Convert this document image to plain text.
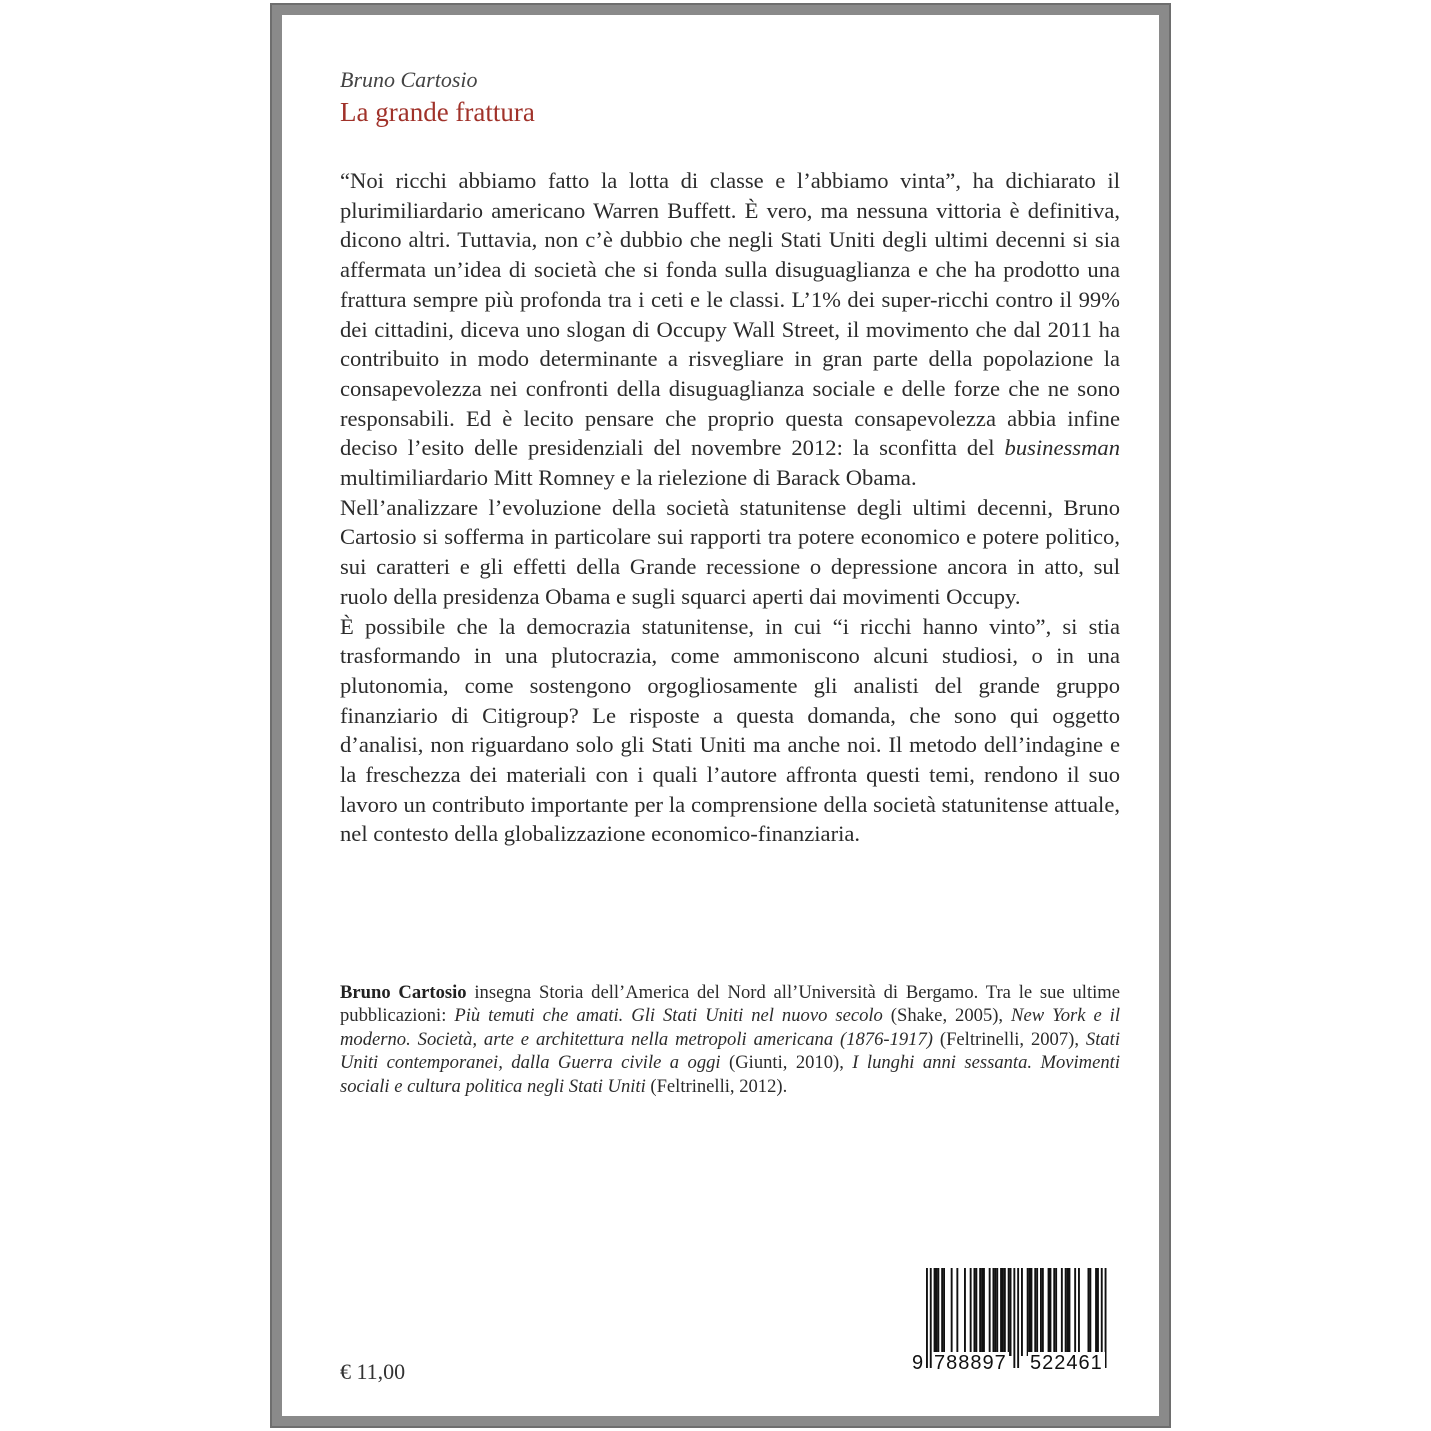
Bruno Cartosio
La grande frattura

“Noi ricchi abbiamo fatto la lotta di classe e l’abbiamo vinta”, ha dichiarato il plurimiliardario americano Warren Buffett. È vero, ma nessuna vittoria è definitiva, dicono altri. Tuttavia, non c’è dubbio che negli Stati Uniti degli ultimi decenni si sia affermata un’idea di società che si fonda sulla disuguaglianza e che ha prodotto una frattura sempre più profonda tra i ceti e le classi. L’1% dei super-ricchi contro il 99% dei cittadini, diceva uno slogan di Occupy Wall Street, il movimento che dal 2011 ha contribuito in modo determinante a risvegliare in gran parte della popolazione la consapevolezza nei confronti della disuguaglianza sociale e delle forze che ne sono responsabili. Ed è lecito pensare che proprio questa consapevolezza abbia infine deciso l’esito delle presidenziali del novembre 2012: la sconfitta del businessman multimiliardario Mitt Romney e la rielezione di Barack Obama.

Nell’analizzare l’evoluzione della società statunitense degli ultimi decenni, Bruno Cartosio si sofferma in particolare sui rapporti tra potere economico e potere politico, sui caratteri e gli effetti della Grande recessione o depressione ancora in atto, sul ruolo della presidenza Obama e sugli squarci aperti dai movimenti Occupy.

È possibile che la democrazia statunitense, in cui “i ricchi hanno vinto”, si stia trasformando in una plutocrazia, come ammoniscono alcuni studiosi, o in una plutonomia, come sostengono orgogliosamente gli analisti del grande gruppo finanziario di Citigroup? Le risposte a questa domanda, che sono qui oggetto d’analisi, non riguardano solo gli Stati Uniti ma anche noi. Il metodo dell’indagine e la freschezza dei materiali con i quali l’autore affronta questi temi, rendono il suo lavoro un contributo importante per la comprensione della società statunitense attuale, nel contesto della globalizzazione economico-finanziaria.

Bruno Cartosio insegna Storia dell’America del Nord all’Università di Bergamo. Tra le sue ultime pubblicazioni: Più temuti che amati. Gli Stati Uniti nel nuovo secolo (Shake, 2005), New York e il moderno. Società, arte e architettura nella metropoli americana (1876-1917) (Feltrinelli, 2007), Stati Uniti contemporanei, dalla Guerra civile a oggi (Giunti, 2010), I lunghi anni sessanta. Movimenti sociali e cultura politica negli Stati Uniti (Feltrinelli, 2012).

€ 11,00	9 788897 522461
